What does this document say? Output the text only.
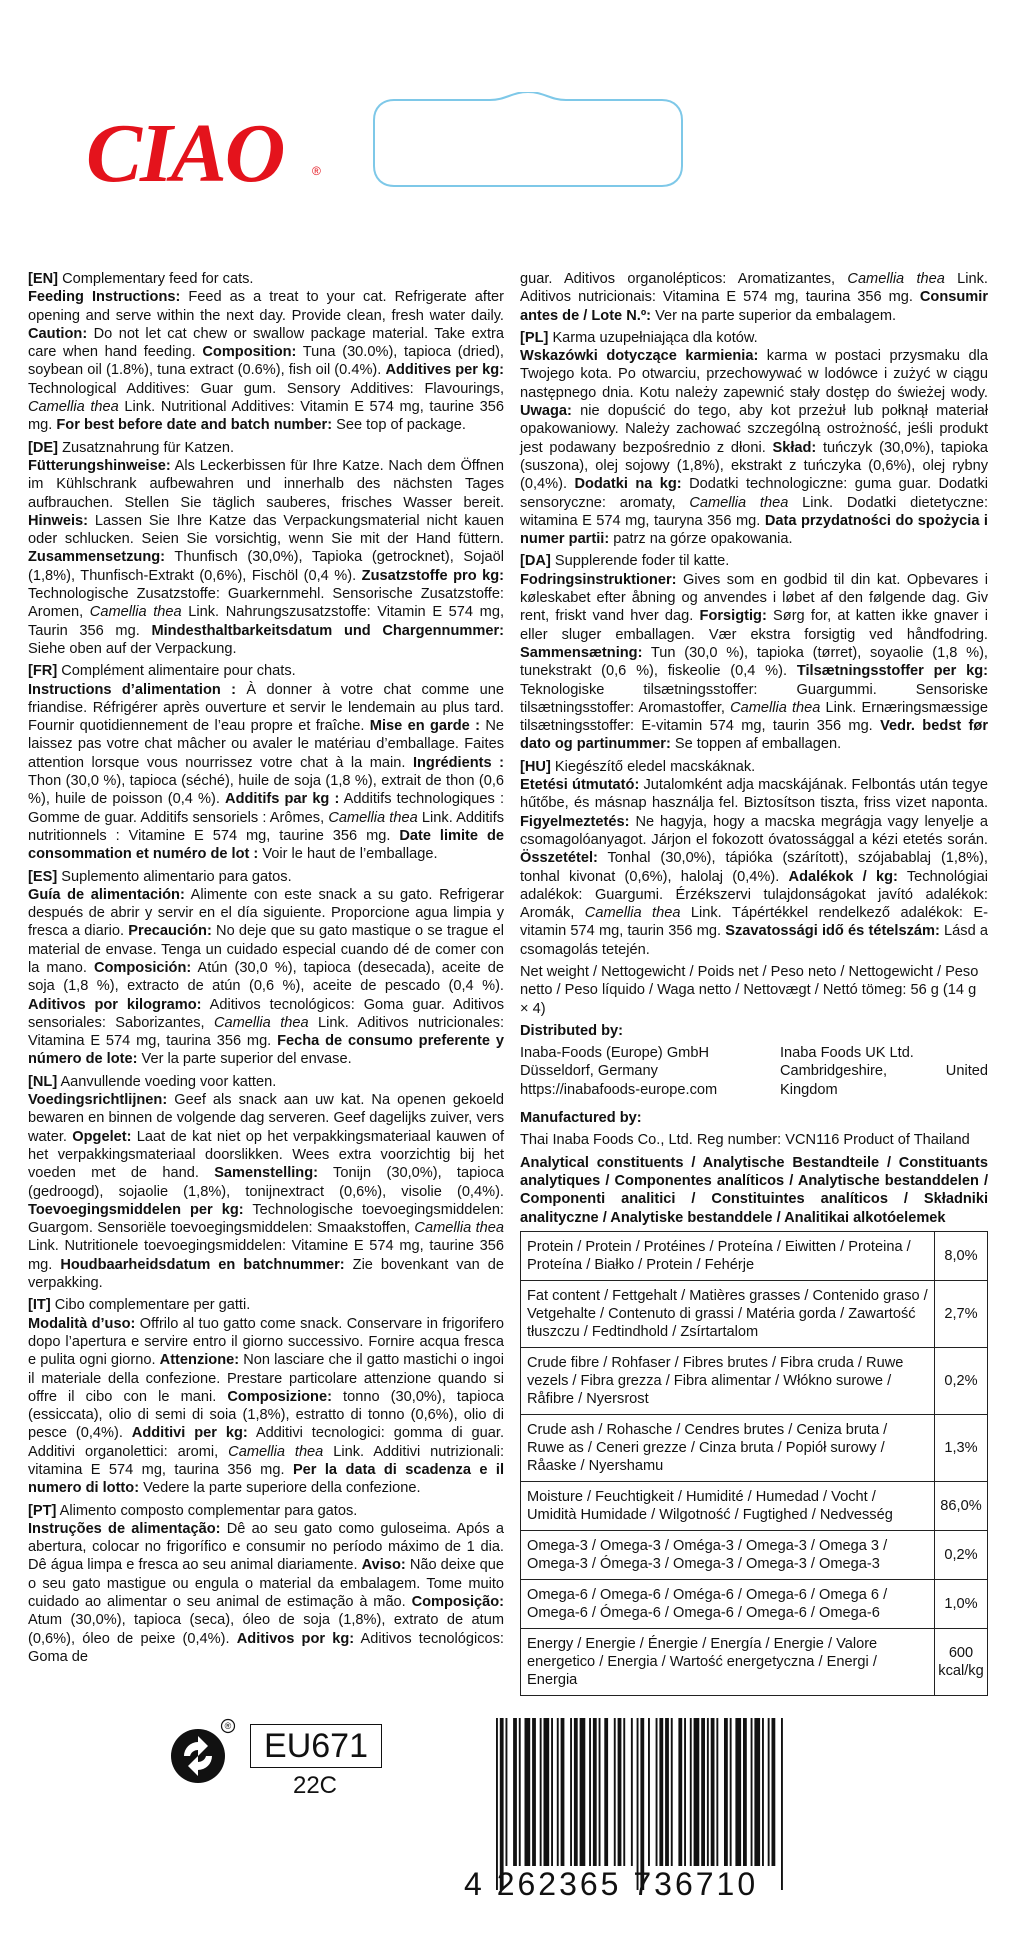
CIAO ®

[EN] Complementary feed for cats.
Feeding Instructions: Feed as a treat to your cat. Refrigerate after opening and serve within the next day. Provide clean, fresh water daily. Caution: Do not let cat chew or swallow package material. Take extra care when hand feeding. Composition: Tuna (30.0%), tapioca (dried), soybean oil (1.8%), tuna extract (0.6%), fish oil (0.4%). Additives per kg: Technological Additives: Guar gum. Sensory Additives: Flavourings, Camellia thea Link. Nutritional Additives: Vitamin E 574 mg, taurine 356 mg. For best before date and batch number: See top of package.

[DE] Zusatznahrung für Katzen.
Fütterungshinweise: Als Leckerbissen für Ihre Katze. Nach dem Öffnen im Kühlschrank aufbewahren und innerhalb des nächsten Tages aufbrauchen. Stellen Sie täglich sauberes, frisches Wasser bereit. Hinweis: Lassen Sie Ihre Katze das Verpackungsmaterial nicht kauen oder schlucken. Seien Sie vorsichtig, wenn Sie mit der Hand füttern. Zusammensetzung: Thunfisch (30,0%), Tapioka (getrocknet), Sojaöl (1,8%), Thunfisch-Extrakt (0,6%), Fischöl (0,4 %). Zusatzstoffe pro kg: Technologische Zusatzstoffe: Guarkernmehl. Sensorische Zusatzstoffe: Aromen, Camellia thea Link. Nahrungszusatzstoffe: Vitamin E 574 mg, Taurin 356 mg. Mindesthaltbarkeitsdatum und Chargennummer: Siehe oben auf der Verpackung.

[FR] Complément alimentaire pour chats.
Instructions d’alimentation : À donner à votre chat comme une friandise. Réfrigérer après ouverture et servir le lendemain au plus tard. Fournir quotidiennement de l’eau propre et fraîche. Mise en garde : Ne laissez pas votre chat mâcher ou avaler le matériau d’emballage. Faites attention lorsque vous nourrissez votre chat à la main. Ingrédients : Thon (30,0 %), tapioca (séché), huile de soja (1,8 %), extrait de thon (0,6 %), huile de poisson (0,4 %). Additifs par kg : Additifs technologiques : Gomme de guar. Additifs sensoriels : Arômes, Camellia thea Link. Additifs nutritionnels : Vitamine E 574 mg, taurine 356 mg. Date limite de consommation et numéro de lot : Voir le haut de l’emballage.

[ES] Suplemento alimentario para gatos.
Guía de alimentación: Alimente con este snack a su gato. Refrigerar después de abrir y servir en el día siguiente. Proporcione agua limpia y fresca a diario. Precaución: No deje que su gato mastique o se trague el material de envase. Tenga un cuidado especial cuando dé de comer con la mano. Composición: Atún (30,0 %), tapioca (desecada), aceite de soja (1,8 %), extracto de atún (0,6 %), aceite de pescado (0,4 %). Aditivos por kilogramo: Aditivos tecnológicos: Goma guar. Aditivos sensoriales: Saborizantes, Camellia thea Link. Aditivos nutricionales: Vitamina E 574 mg, taurina 356 mg. Fecha de consumo preferente y número de lote: Ver la parte superior del envase.

[NL] Aanvullende voeding voor katten.
Voedingsrichtlijnen: Geef als snack aan uw kat. Na openen gekoeld bewaren en binnen de volgende dag serveren. Geef dagelijks zuiver, vers water. Opgelet: Laat de kat niet op het verpakkingsmateriaal kauwen of het verpakkingsmateriaal doorslikken. Wees extra voorzichtig bij het voeden met de hand. Samenstelling: Tonijn (30,0%), tapioca (gedroogd), sojaolie (1,8%), tonijnextract (0,6%), visolie (0,4%). Toevoegingsmiddelen per kg: Technologische toevoegingsmiddelen: Guargom. Sensoriële toevoegingsmiddelen: Smaakstoffen, Camellia thea Link. Nutritionele toevoegingsmiddelen: Vitamine E 574 mg, taurine 356 mg. Houdbaarheidsdatum en batchnummer: Zie bovenkant van de verpakking.

[IT] Cibo complementare per gatti.
Modalità d’uso: Offrilo al tuo gatto come snack. Conservare in frigorifero dopo l’apertura e servire entro il giorno successivo. Fornire acqua fresca e pulita ogni giorno. Attenzione: Non lasciare che il gatto mastichi o ingoi il materiale della confezione. Prestare particolare attenzione quando si offre il cibo con le mani. Composizione: tonno (30,0%), tapioca (essiccata), olio di semi di soia (1,8%), estratto di tonno (0,6%), olio di pesce (0,4%). Additivi per kg: Additivi tecnologici: gomma di guar. Additivi organolettici: aromi, Camellia thea Link. Additivi nutrizionali: vitamina E 574 mg, taurina 356 mg. Per la data di scadenza e il numero di lotto: Vedere la parte superiore della confezione.

[PT] Alimento composto complementar para gatos.
Instruções de alimentação: Dê ao seu gato como guloseima. Após a abertura, colocar no frigorífico e consumir no período máximo de 1 dia. Dê água limpa e fresca ao seu animal diariamente. Aviso: Não deixe que o seu gato mastigue ou engula o material da embalagem. Tome muito cuidado ao alimentar o seu animal de estimação à mão. Composição: Atum (30,0%), tapioca (seca), óleo de soja (1,8%), extrato de atum (0,6%), óleo de peixe (0,4%). Aditivos por kg: Aditivos tecnológicos: Goma de

guar. Aditivos organolépticos: Aromatizantes, Camellia thea Link. Aditivos nutricionais: Vitamina E 574 mg, taurina 356 mg. Consumir antes de / Lote N.º: Ver na parte superior da embalagem.

[PL] Karma uzupełniająca dla kotów.
Wskazówki dotyczące karmienia: karma w postaci przysmaku dla Twojego kota. Po otwarciu, przechowywać w lodówce i zużyć w ciągu następnego dnia. Kotu należy zapewnić stały dostęp do świeżej wody. Uwaga: nie dopuścić do tego, aby kot przeżuł lub połknął materiał opakowaniowy. Należy zachować szczególną ostrożność, jeśli produkt jest podawany bezpośrednio z dłoni. Skład: tuńczyk (30,0%), tapioka (suszona), olej sojowy (1,8%), ekstrakt z tuńczyka (0,6%), olej rybny (0,4%). Dodatki na kg: Dodatki technologiczne: guma guar. Dodatki sensoryczne: aromaty, Camellia thea Link. Dodatki dietetyczne: witamina E 574 mg, tauryna 356 mg. Data przydatności do spożycia i numer partii: patrz na górze opakowania.

[DA] Supplerende foder til katte.
Fodringsinstruktioner: Gives som en godbid til din kat. Opbevares i køleskabet efter åbning og anvendes i løbet af den følgende dag. Giv rent, friskt vand hver dag. Forsigtig: Sørg for, at katten ikke gnaver i eller sluger emballagen. Vær ekstra forsigtig ved håndfodring. Sammensætning: Tun (30,0 %), tapioka (tørret), soyaolie (1,8 %), tunekstrakt (0,6 %), fiskeolie (0,4 %). Tilsætningsstoffer per kg: Teknologiske tilsætningsstoffer: Guargummi. Sensoriske tilsætningsstoffer: Aromastoffer, Camellia thea Link. Ernæringsmæssige tilsætningsstoffer: E-vitamin 574 mg, taurin 356 mg. Vedr. bedst før dato og partinummer: Se toppen af emballagen.

[HU] Kiegészítő eledel macskáknak.
Etetési útmutató: Jutalomként adja macskájának. Felbontás után tegye hűtőbe, és másnap használja fel. Biztosítson tiszta, friss vizet naponta. Figyelmeztetés: Ne hagyja, hogy a macska megrágja vagy lenyelje a csomagolóanyagot. Járjon el fokozott óvatossággal a kézi etetés során. Összetétel: Tonhal (30,0%), tápióka (szárított), szójabablaj (1,8%), tonhal kivonat (0,6%), halolaj (0,4%). Adalékok / kg: Technológiai adalékok: Guargumi. Érzékszervi tulajdonságokat javító adalékok: Aromák, Camellia thea Link. Tápértékkel rendelkező adalékok: E-vitamin 574 mg, taurin 356 mg. Szavatossági idő és tételszám: Lásd a csomagolás tetején.

Net weight / Nettogewicht / Poids net / Peso neto / Nettogewicht / Peso netto / Peso líquido / Waga netto / Nettovægt / Nettó tömeg: 56 g (14 g × 4)

Distributed by:

Inaba-Foods (Europe) GmbH
Düsseldorf, Germany
https://inabafoods-europe.com
Inaba Foods UK Ltd.
Cambridgeshire, United Kingdom

Manufactured by:

Thai Inaba Foods Co., Ltd. Reg number: VCN116 Product of Thailand

Analytical constituents / Analytische Bestandteile / Constituants analytiques / Componentes analíticos / Analytische bestanddelen / Componenti analitici / Constituintes analíticos / Składniki analityczne / Analytiske bestanddele / Analitikai alkotóelemek

Protein / Protein / Protéines / Proteína / Eiwitten / Proteina / Proteína / Białko / Protein / Fehérje	8,0%
Fat content / Fettgehalt / Matières grasses / Contenido graso / Vetgehalte / Contenuto di grassi / Matéria gorda / Zawartość tłuszczu / Fedtindhold / Zsírtartalom	2,7%
Crude fibre / Rohfaser / Fibres brutes / Fibra cruda / Ruwe vezels / Fibra grezza / Fibra alimentar / Włókno surowe / Råfibre / Nyersrost	0,2%
Crude ash / Rohasche / Cendres brutes / Ceniza bruta / Ruwe as / Ceneri grezze / Cinza bruta / Popiół surowy / Råaske / Nyershamu	1,3%
Moisture / Feuchtigkeit / Humidité / Humedad / Vocht / Umidità Humidade / Wilgotność / Fugtighed / Nedvesség	86,0%
Omega-3 / Omega-3 / Oméga-3 / Omega-3 / Omega 3 / Omega-3 / Ómega-3 / Omega-3 / Omega-3 / Omega-3	0,2%
Omega-6 / Omega-6 / Oméga-6 / Omega-6 / Omega 6 / Omega-6 / Ómega-6 / Omega-6 / Omega-6 / Omega-6	1,0%
Energy / Energie / Énergie / Energía / Energie / Valore energetico / Energia / Wartość energetyczna / Energi / Energia	600 kcal/kg
®
EU671
22C
4 262365 736710
